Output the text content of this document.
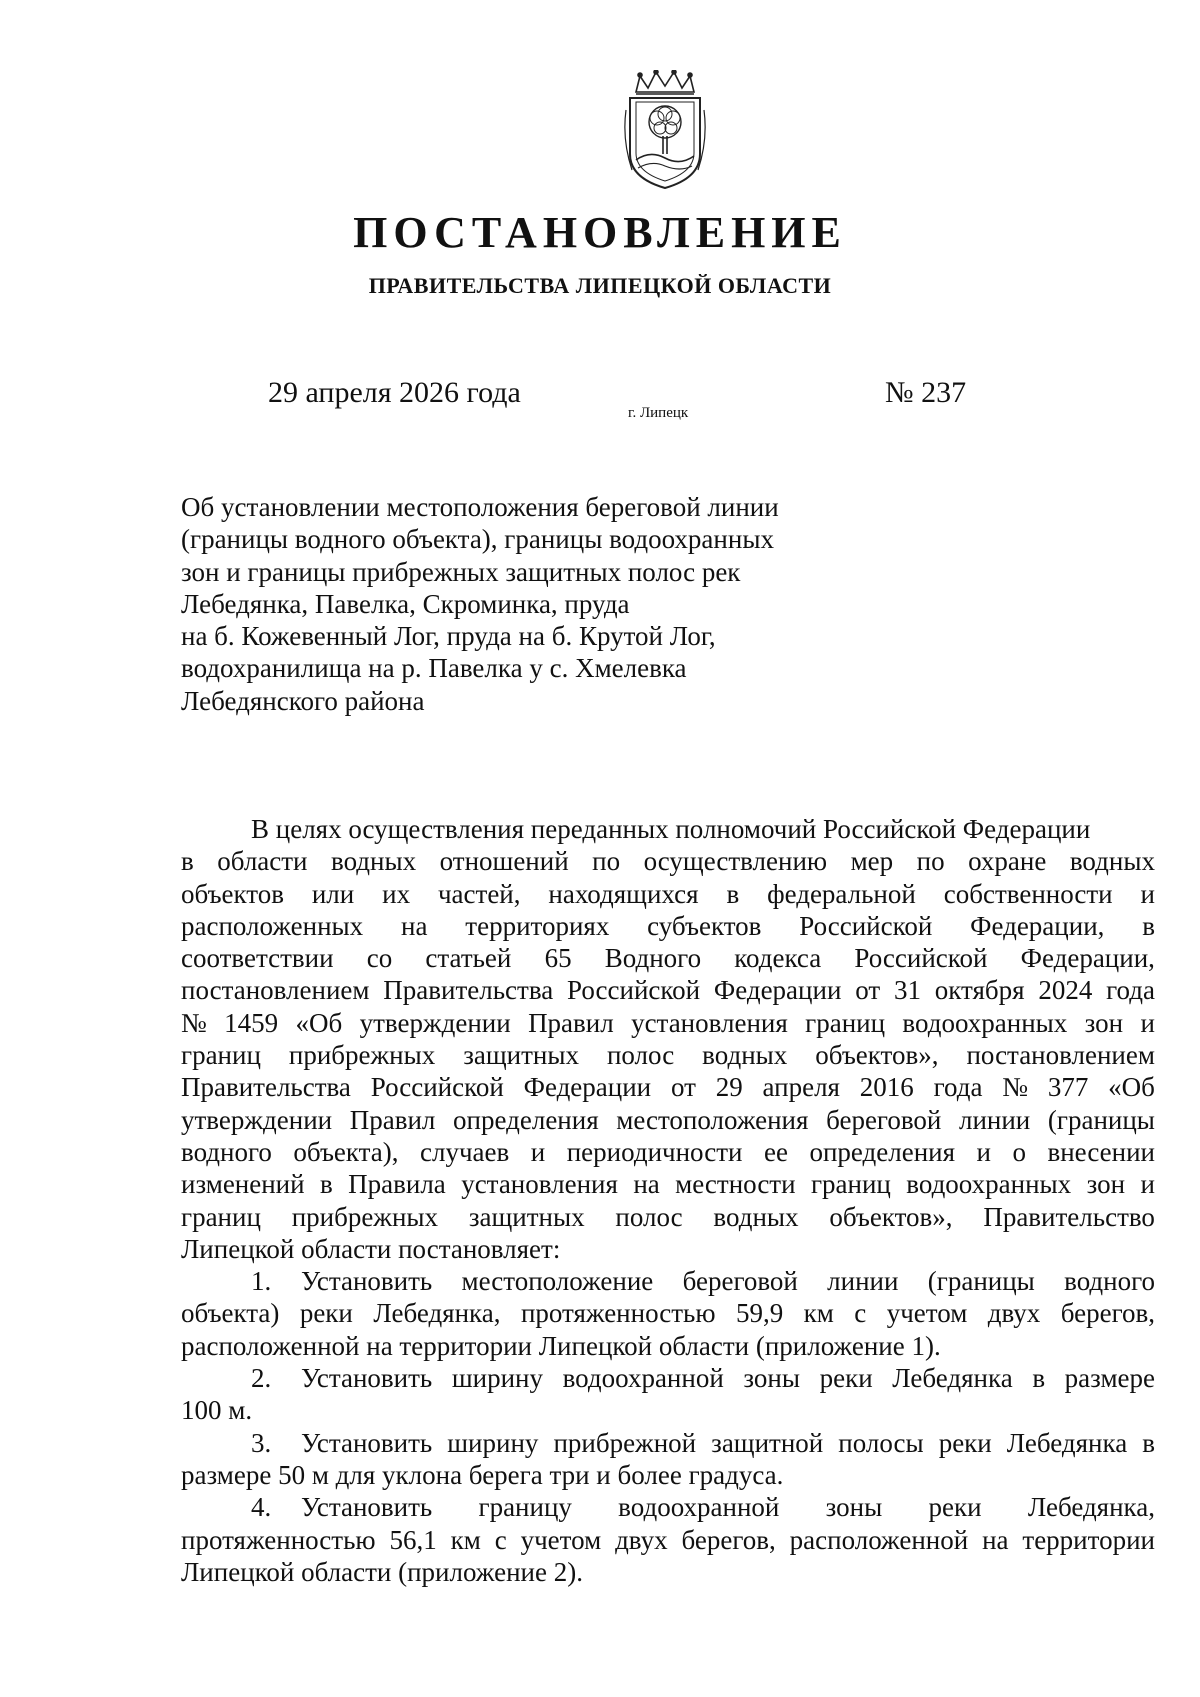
ПОСТАНОВЛЕНИЕ
ПРАВИТЕЛЬСТВА ЛИПЕЦКОЙ ОБЛАСТИ
29 апреля 2026 года
г. Липецк
№ 237
Об установлении местоположения береговой линии
(границы водного объекта), границы водоохранных
зон и границы прибрежных защитных полос рек
Лебедянка, Павелка, Скроминка, пруда
на б. Кожевенный Лог, пруда на б. Крутой Лог,
водохранилища на р. Павелка у с. Хмелевка
Лебедянского района
В целях осуществления переданных полномочий Российской Федерации
в области водных отношений по осуществлению мер по охране водных
объектов или их частей, находящихся в федеральной собственности и
расположенных на территориях субъектов Российской Федерации, в
соответствии со статьей 65 Водного кодекса Российской Федерации,
постановлением Правительства Российской Федерации от 31 октября 2024 года
№ 1459 «Об утверждении Правил установления границ водоохранных зон и
границ прибрежных защитных полос водных объектов», постановлением
Правительства Российской Федерации от 29 апреля 2016 года № 377 «Об
утверждении Правил определения местоположения береговой линии (границы
водного объекта), случаев и периодичности ее определения и о внесении
изменений в Правила установления на местности границ водоохранных зон и
границ прибрежных защитных полос водных объектов», Правительство
Липецкой области постановляет:
1.	Установить местоположение береговой линии (границы водного
объекта) реки Лебедянка, протяженностью 59,9 км с учетом двух берегов,
расположенной на территории Липецкой области (приложение 1).
2.	Установить ширину водоохранной зоны реки Лебедянка в размере
100 м.
3.	Установить ширину прибрежной защитной полосы реки Лебедянка в
размере 50 м для уклона берега три и более градуса.
4.	Установить границу водоохранной зоны реки Лебедянка,
протяженностью 56,1 км с учетом двух берегов, расположенной на территории
Липецкой области (приложение 2).
